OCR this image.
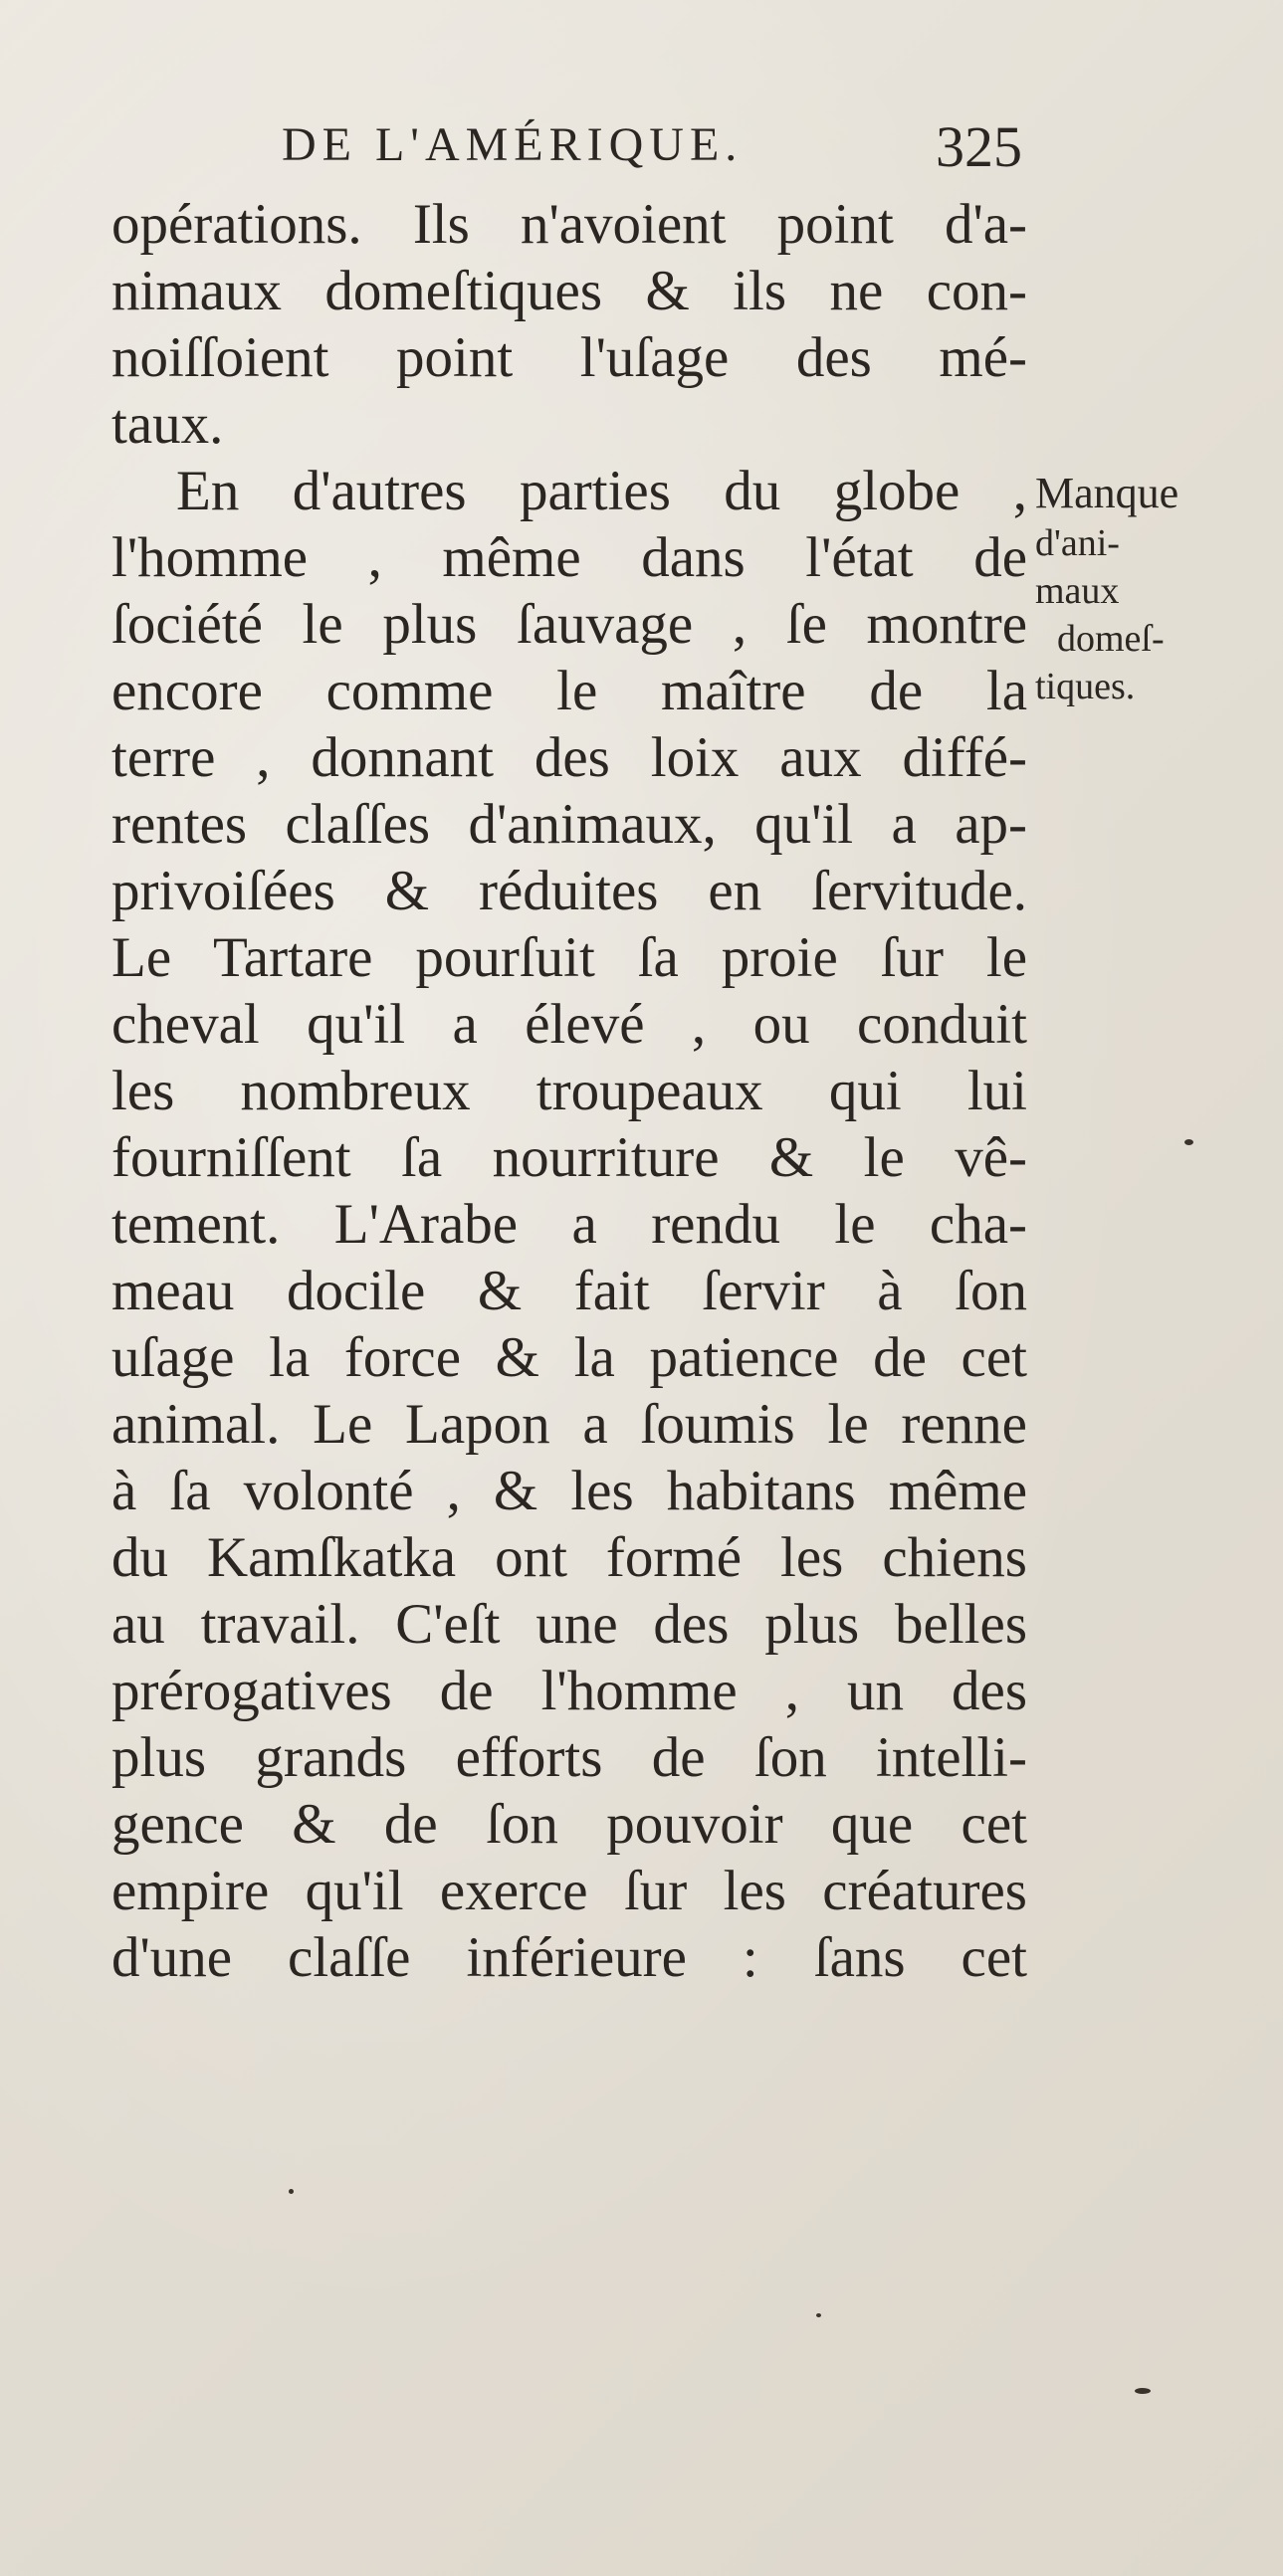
DE L'AMÉRIQUE.	325
opérations. Ils n'avoient point d'a-
nimaux domeſtiques & ils ne con-
noiſſoient point l'uſage des mé-
taux.
En d'autres parties du globe ,
l'homme , même dans l'état de
ſociété le plus ſauvage , ſe montre
encore comme le maître de la
terre , donnant des loix aux diffé-
rentes claſſes d'animaux, qu'il a ap-
privoiſées & réduites en ſervitude.
Le Tartare pourſuit ſa proie ſur le
cheval qu'il a élevé , ou conduit
les nombreux troupeaux qui lui
fourniſſent ſa nourriture & le vê-
tement. L'Arabe a rendu le cha-
meau docile & fait ſervir à ſon
uſage la force & la patience de cet
animal. Le Lapon a ſoumis le renne
à ſa volonté , & les habitans même
du Kamſkatka ont formé les chiens
au travail. C'eſt une des plus belles
prérogatives de l'homme , un des
plus grands efforts de ſon intelli-
gence & de ſon pouvoir que cet
empire qu'il exerce ſur les créatures
d'une claſſe inférieure : ſans cet
Manque
d'ani-
maux
domeſ-
tiques.
